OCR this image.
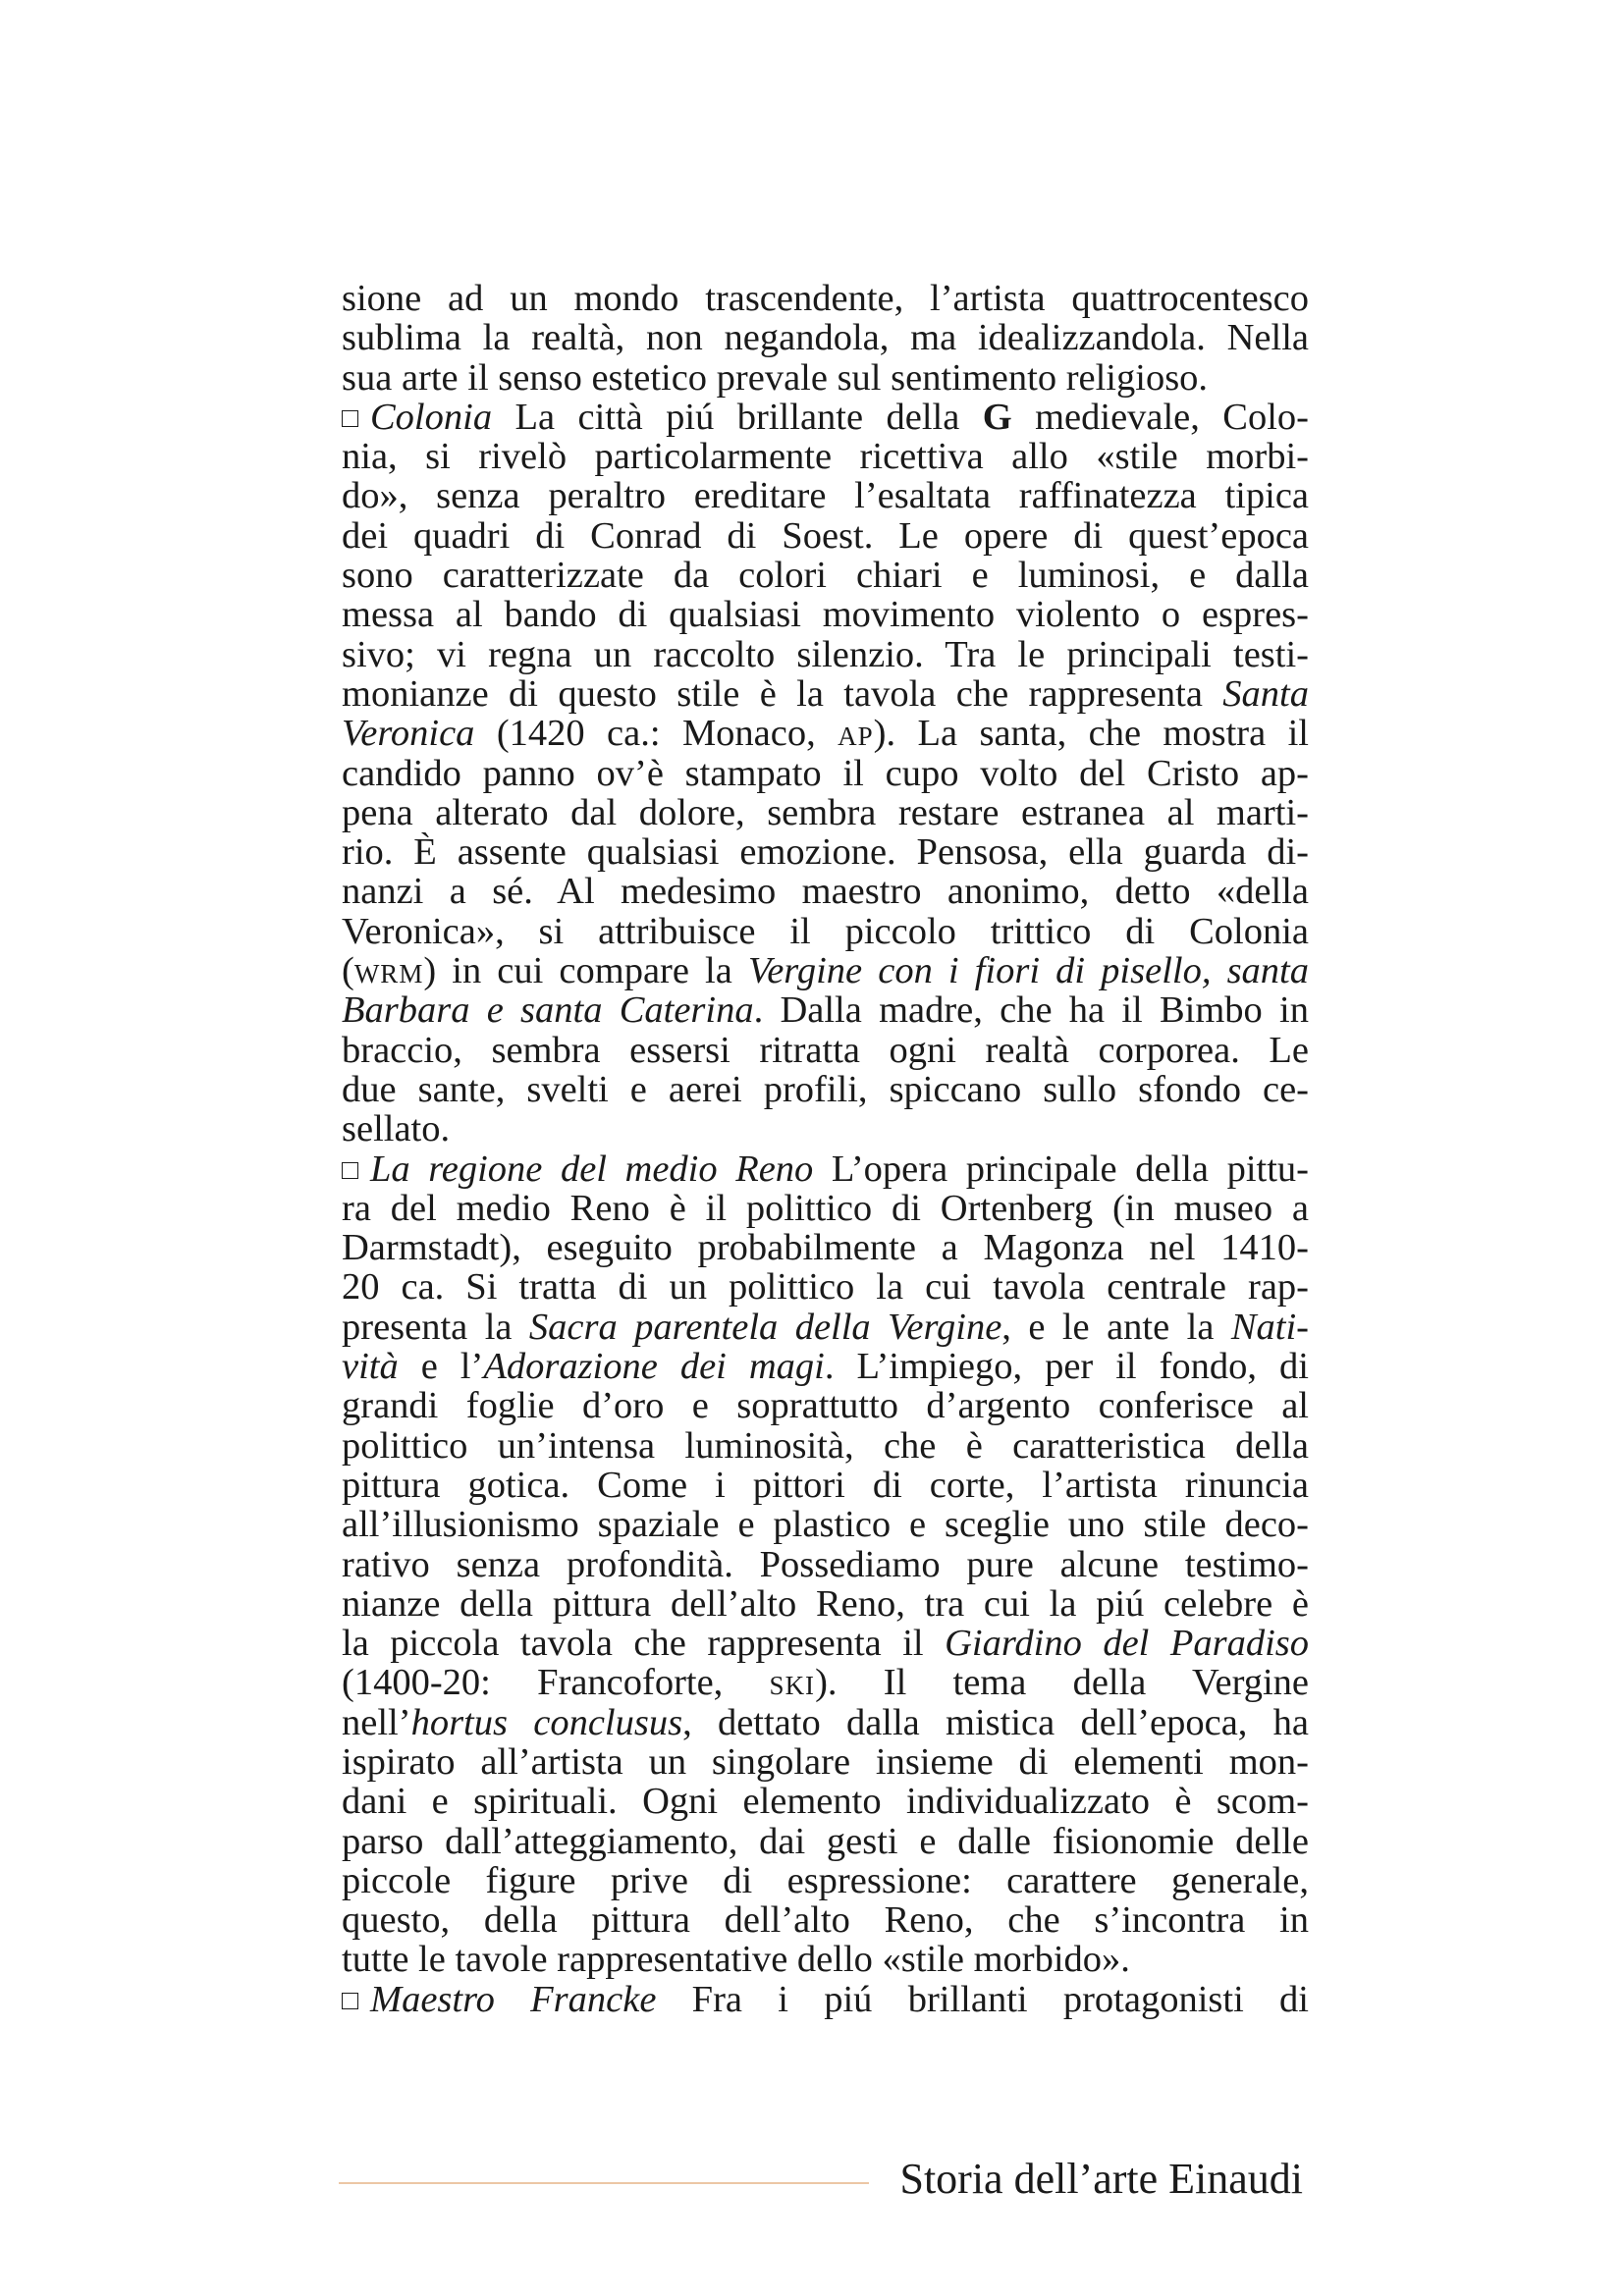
sione ad un mondo trascendente, l’artista quattrocentesco
sublima la realtà, non negandola, ma idealizzandola. Nella
sua arte il senso estetico prevale sul sentimento religioso.
Colonia La città piú brillante della G medievale, Colo-
nia, si rivelò particolarmente ricettiva allo «stile morbi-
do», senza peraltro ereditare l’esaltata raffinatezza tipica
dei quadri di Conrad di Soest. Le opere di quest’epoca
sono caratterizzate da colori chiari e luminosi, e dalla
messa al bando di qualsiasi movimento violento o espres-
sivo; vi regna un raccolto silenzio. Tra le principali testi-
monianze di questo stile è la tavola che rappresenta Santa
Veronica (1420 ca.: Monaco, AP). La santa, che mostra il
candido panno ov’è stampato il cupo volto del Cristo ap-
pena alterato dal dolore, sembra restare estranea al marti-
rio. È assente qualsiasi emozione. Pensosa, ella guarda di-
nanzi a sé. Al medesimo maestro anonimo, detto «della
Veronica», si attribuisce il piccolo trittico di Colonia
(WRM) in cui compare la Vergine con i fiori di pisello, santa
Barbara e santa Caterina. Dalla madre, che ha il Bimbo in
braccio, sembra essersi ritratta ogni realtà corporea. Le
due sante, svelti e aerei profili, spiccano sullo sfondo ce-
sellato.
La regione del medio Reno L’opera principale della pittu-
ra del medio Reno è il polittico di Ortenberg (in museo a
Darmstadt), eseguito probabilmente a Magonza nel 1410-
20 ca. Si tratta di un polittico la cui tavola centrale rap-
presenta la Sacra parentela della Vergine, e le ante la Nati-
vità e l’Adorazione dei magi. L’impiego, per il fondo, di
grandi foglie d’oro e soprattutto d’argento conferisce al
polittico un’intensa luminosità, che è caratteristica della
pittura gotica. Come i pittori di corte, l’artista rinuncia
all’illusionismo spaziale e plastico e sceglie uno stile deco-
rativo senza profondità. Possediamo pure alcune testimo-
nianze della pittura dell’alto Reno, tra cui la piú celebre è
la piccola tavola che rappresenta il Giardino del Paradiso
(1400-20: Francoforte, SKI). Il tema della Vergine
nell’hortus conclusus, dettato dalla mistica dell’epoca, ha
ispirato all’artista un singolare insieme di elementi mon-
dani e spirituali. Ogni elemento individualizzato è scom-
parso dall’atteggiamento, dai gesti e dalle fisionomie delle
piccole figure prive di espressione: carattere generale,
questo, della pittura dell’alto Reno, che s’incontra in
tutte le tavole rappresentative dello «stile morbido».
Maestro Francke Fra i piú brillanti protagonisti di
Storia dell’arte Einaudi
